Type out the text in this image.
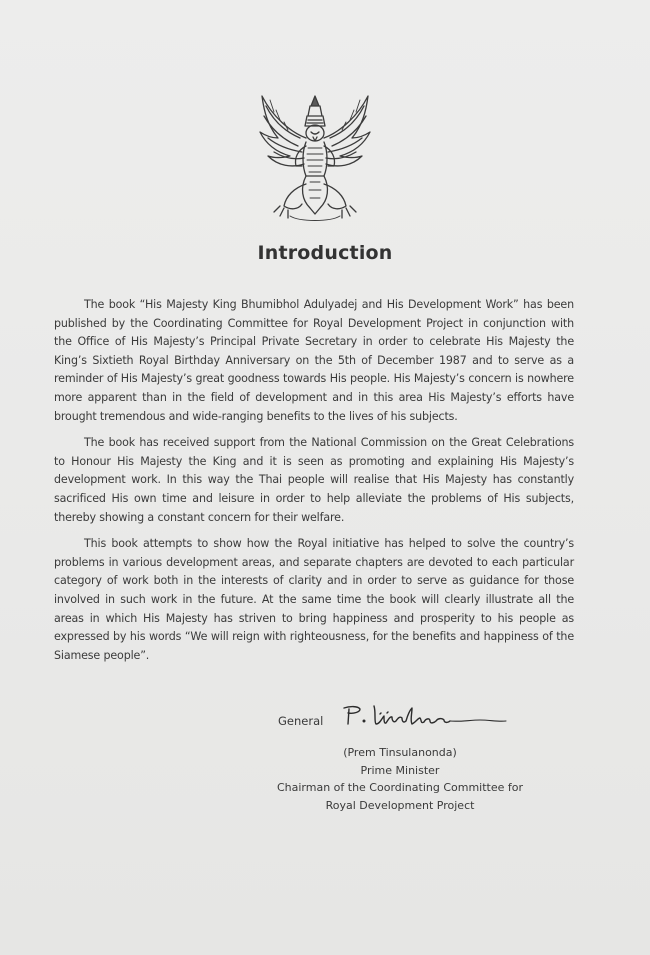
Introduction

The book “His Majesty King Bhumibhol Adulyadej and His Development Work” has been published by the Coordinating Committee for Royal Development Project in conjunction with the Office of His Majesty’s Principal Private Secretary in order to celebrate His Majesty the King’s Sixtieth Royal Birthday Anniversary on the 5th of December 1987 and to serve as a reminder of His Majesty’s great goodness towards His people. His Majesty’s concern is nowhere more apparent than in the field of development and in this area His Majesty’s efforts have brought tremendous and wide-ranging benefits to the lives of his subjects.

The book has received support from the National Commission on the Great Celebrations to Honour His Majesty the King and it is seen as promoting and explaining His Majesty’s development work. In this way the Thai people will realise that His Majesty has constantly sacrificed His own time and leisure in order to help alleviate the problems of His subjects, thereby showing a constant concern for their welfare.

This book attempts to show how the Royal initiative has helped to solve the country’s problems in various development areas, and separate chapters are devoted to each particular category of work both in the interests of clarity and in order to serve as guidance for those involved in such work in the future. At the same time the book will clearly illustrate all the areas in which His Majesty has striven to bring happiness and prosperity to his people as expressed by his words “We will reign with righteousness, for the benefits and happiness of the Siamese people”.

General
(Prem Tinsulanonda)
Prime Minister
Chairman of the Coordinating Committee for
Royal Development Project
